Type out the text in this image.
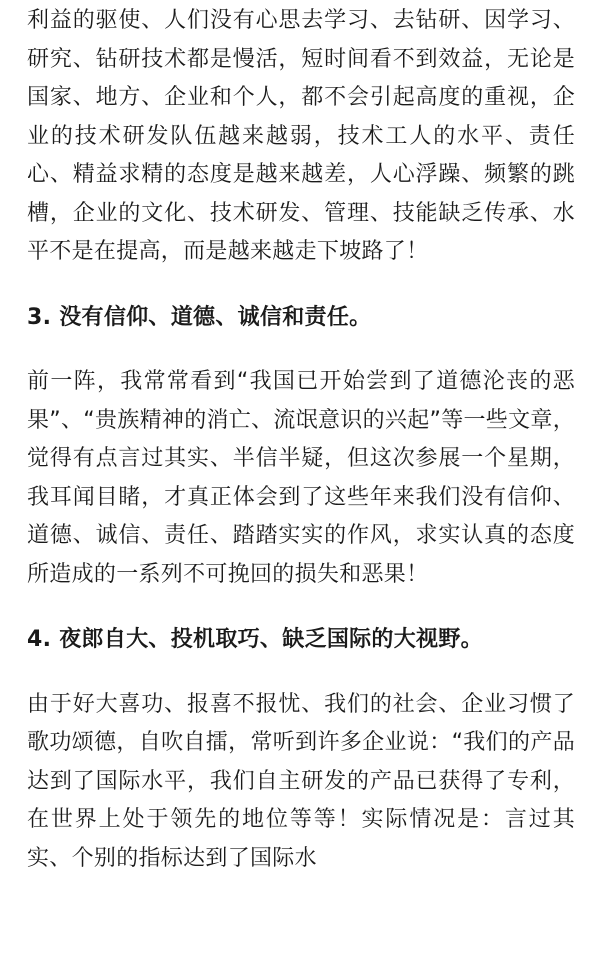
利益的驱使、人们没有心思去学习、去钻研、因学习、研究、钻研技术都是慢活，短时间看不到效益，无论是国家、地方、企业和个人，都不会引起高度的重视，企业的技术研发队伍越来越弱，技术工人的水平、责任心、精益求精的态度是越来越差，人心浮躁、频繁的跳槽，企业的文化、技术研发、管理、技能缺乏传承、水平不是在提高，而是越来越走下坡路了！

3. 没有信仰、道德、诚信和责任。

前一阵，我常常看到“我国已开始尝到了道德沦丧的恶果”、“贵族精神的消亡、流氓意识的兴起”等一些文章，觉得有点言过其实、半信半疑，但这次参展一个星期，我耳闻目睹，才真正体会到了这些年来我们没有信仰、道德、诚信、责任、踏踏实实的作风，求实认真的态度所造成的一系列不可挽回的损失和恶果！

4. 夜郎自大、投机取巧、缺乏国际的大视野。

由于好大喜功、报喜不报忧、我们的社会、企业习惯了歌功颂德，自吹自擂，常听到许多企业说：“我们的产品达到了国际水平，我们自主研发的产品已获得了专利，在世界上处于领先的地位等等！实际情况是：言过其实、个别的指标达到了国际水
